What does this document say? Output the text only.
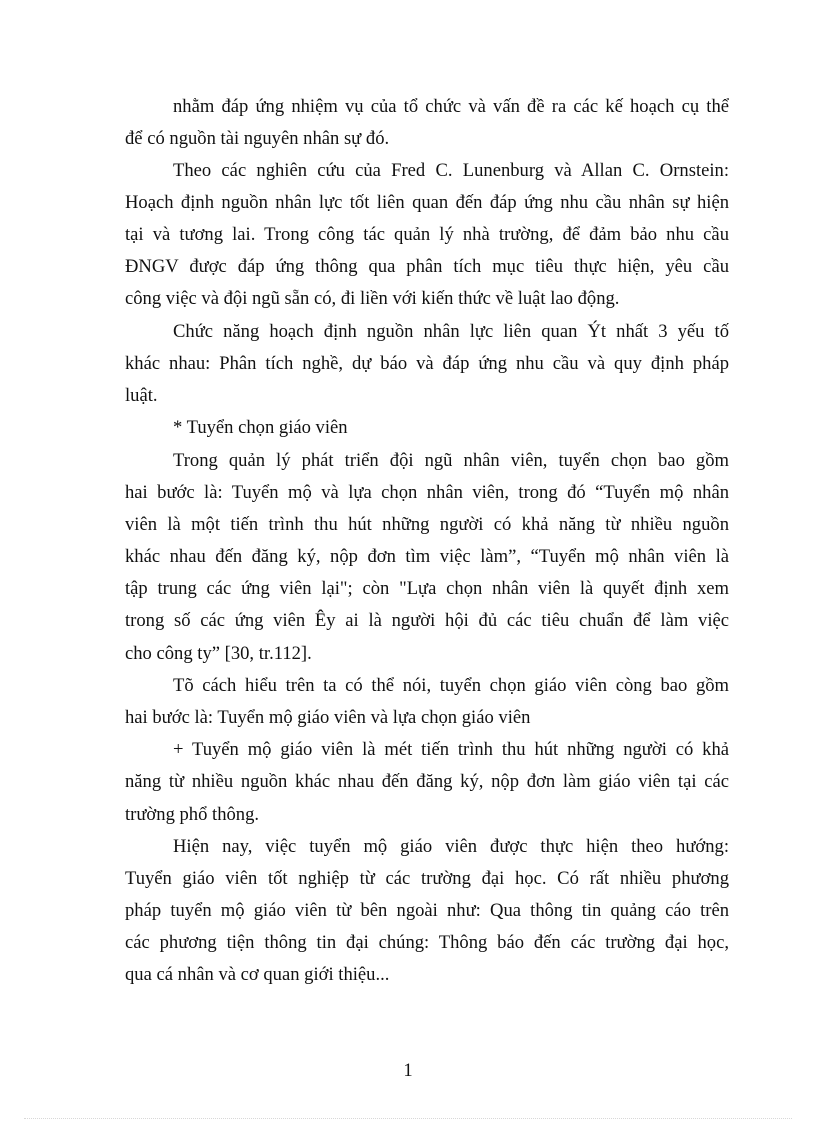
nhằm đáp ứng nhiệm vụ của tổ chức và vấn đề ra các kế hoạch cụ thể
để có nguồn tài nguyên nhân sự đó.
Theo các nghiên cứu của Fred C. Lunenburg và Allan C. Ornstein:
Hoạch định nguồn nhân lực tốt liên quan đến đáp ứng nhu cầu nhân sự hiện
tại và tương lai. Trong công tác quản lý nhà trường, để đảm bảo nhu cầu
ĐNGV được đáp ứng thông qua phân tích mục tiêu thực hiện, yêu cầu
công việc và đội ngũ sẵn có, đi liền với kiến thức về luật lao động.
Chức năng hoạch định nguồn nhân lực liên quan Ýt nhất 3 yếu tố
khác nhau: Phân tích nghề, dự báo và đáp ứng nhu cầu và quy định pháp
luật.
* Tuyển chọn giáo viên
Trong quản lý phát triển đội ngũ nhân viên, tuyển chọn bao gồm
hai bước là: Tuyển mộ và lựa chọn nhân viên, trong đó “Tuyển mộ nhân
viên là một tiến trình thu hút những người có khả năng từ nhiều nguồn
khác nhau đến đăng ký, nộp đơn tìm việc làm”, “Tuyển mộ nhân viên là
tập trung các ứng viên lại"; còn "Lựa chọn nhân viên là quyết định xem
trong số các ứng viên Êy ai là người hội đủ các tiêu chuẩn để làm việc
cho công ty” [30, tr.112].
Tõ cách hiểu trên ta có thể nói, tuyển chọn giáo viên còng bao gồm
hai bước là: Tuyển mộ giáo viên và lựa chọn giáo viên
+ Tuyển mộ giáo viên là mét tiến trình thu hút những người có khả
năng từ nhiều nguồn khác nhau đến đăng ký, nộp đơn làm giáo viên tại các
trường phổ thông.
Hiện nay, việc tuyển mộ giáo viên được thực hiện theo hướng:
Tuyển giáo viên tốt nghiệp từ các trường đại học. Có rất nhiều phương
pháp tuyển mộ giáo viên từ bên ngoài như: Qua thông tin quảng cáo trên
các phương tiện thông tin đại chúng: Thông báo đến các trường đại học,
qua cá nhân và cơ quan giới thiệu...
1
